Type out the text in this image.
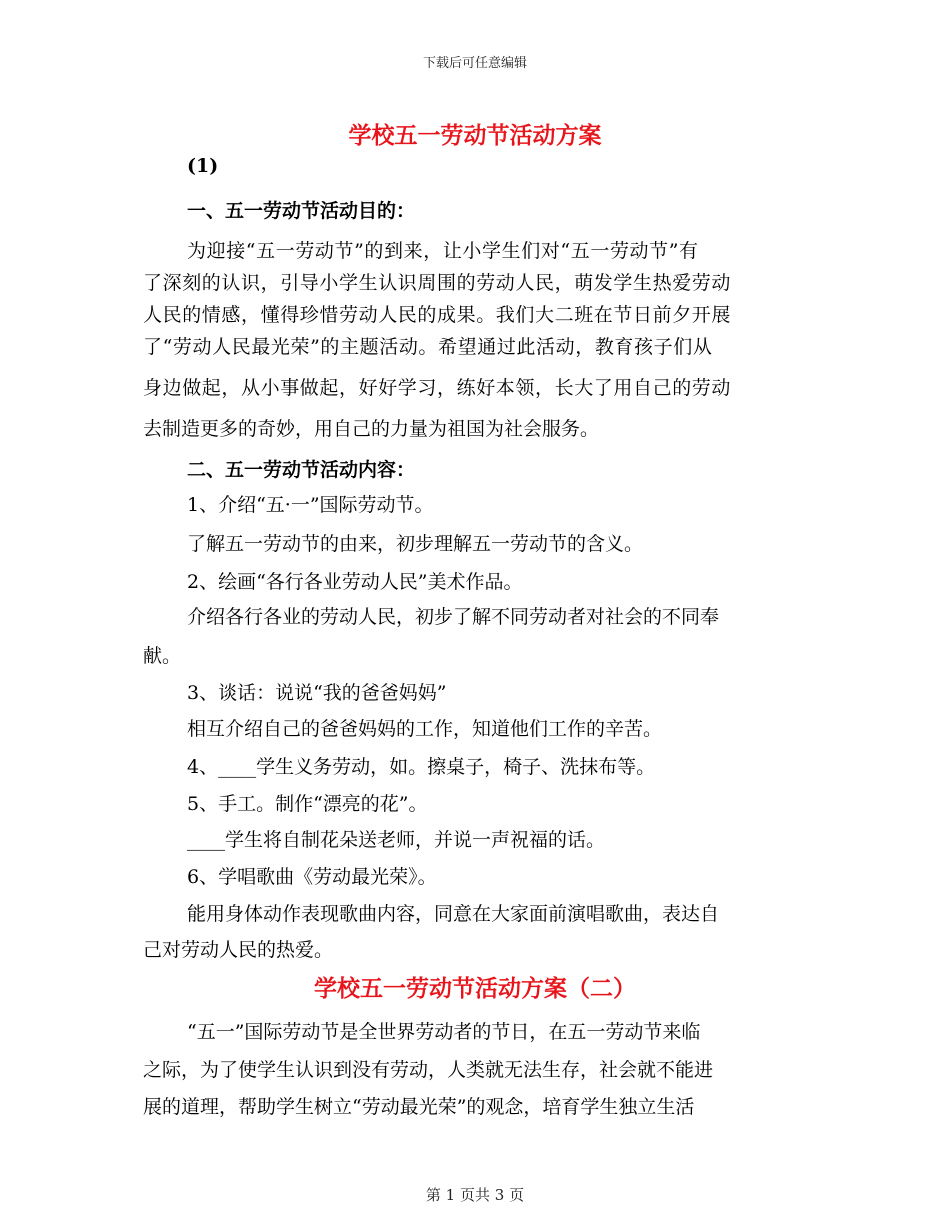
下载后可任意编辑
学校五一劳动节活动方案
(1)
一、五一劳动节活动目的：
为迎接“五一劳动节”的到来，让小学生们对“五一劳动节”有
了深刻的认识，引导小学生认识周围的劳动人民，萌发学生热爱劳动
人民的情感，懂得珍惜劳动人民的成果。我们大二班在节日前夕开展
了“劳动人民最光荣”的主题活动。希望通过此活动，教育孩子们从
身边做起，从小事做起，好好学习，练好本领，长大了用自己的劳动
去制造更多的奇妙，用自己的力量为祖国为社会服务。
二、五一劳动节活动内容：
1、介绍“五·一”国际劳动节。
了解五一劳动节的由来，初步理解五一劳动节的含义。
2、绘画“各行各业劳动人民”美术作品。
介绍各行各业的劳动人民，初步了解不同劳动者对社会的不同奉
献。
3、谈话：说说“我的爸爸妈妈”
相互介绍自己的爸爸妈妈的工作，知道他们工作的辛苦。
4、____学生义务劳动，如。擦桌子，椅子、洗抹布等。
5、手工。制作“漂亮的花”。
____学生将自制花朵送老师，并说一声祝福的话。
6、学唱歌曲《劳动最光荣》。
能用身体动作表现歌曲内容，同意在大家面前演唱歌曲，表达自
己对劳动人民的热爱。
学校五一劳动节活动方案（二）
“五一”国际劳动节是全世界劳动者的节日，在五一劳动节来临
之际，为了使学生认识到没有劳动，人类就无法生存，社会就不能进
展的道理，帮助学生树立“劳动最光荣”的观念，培育学生独立生活
第 1 页共 3 页
